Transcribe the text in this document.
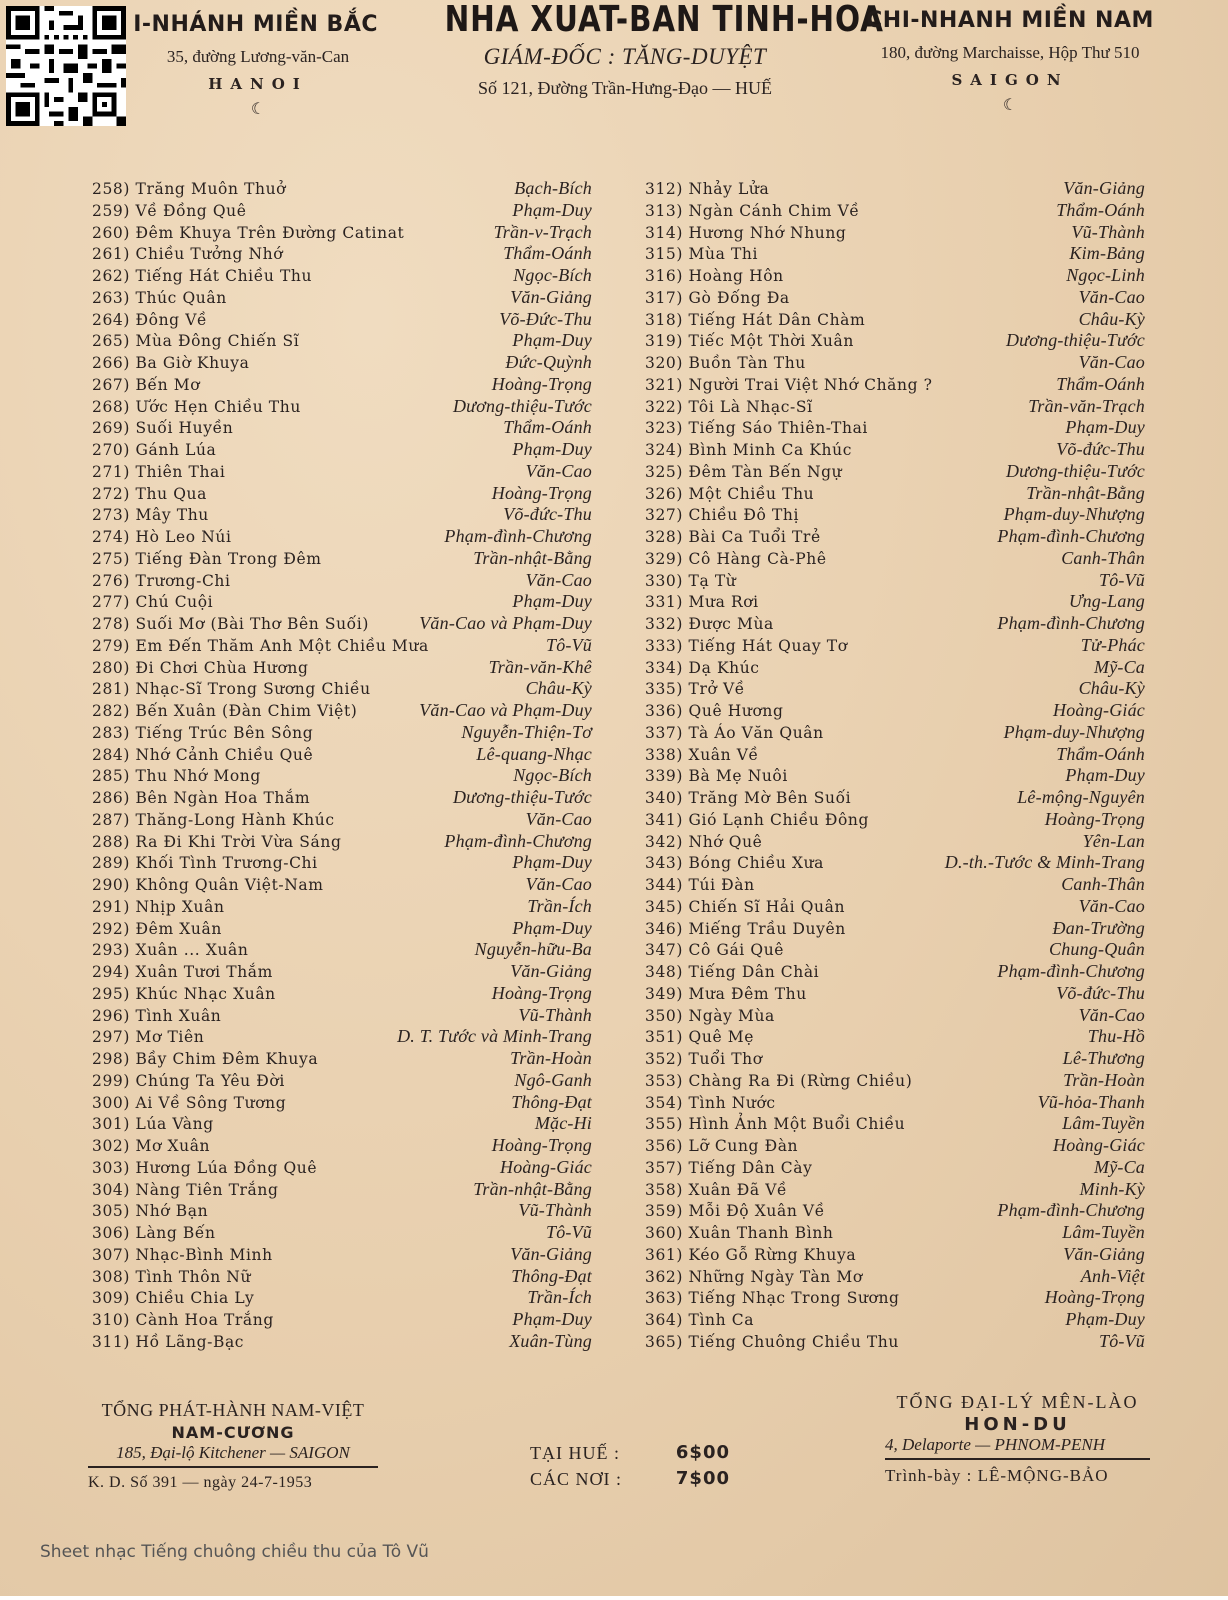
I-NHÁNH MIỀN BẮC
35, đường Lương-văn-Can
HANOI
☾
NHA XUAT-BAN TINH-HOA
GIÁM-ĐỐC : TĂNG-DUYỆT
Số 121, Đường Trần-Hưng-Đạo — HUẾ
CHI-NHANH MIỀN NAM
180, đường Marchaisse, Hộp Thư 510
SAIGON
☾
258) Trăng Muôn Thuở	Bạch-Bích
259) Về Đồng Quê	Phạm-Duy
260) Đêm Khuya Trên Đường Catinat	Trần-v-Trạch
261) Chiều Tưởng Nhớ	Thẩm-Oánh
262) Tiếng Hát Chiều Thu	Ngọc-Bích
263) Thúc Quân	Văn-Giảng
264) Đông Về	Võ-Đức-Thu
265) Mùa Đông Chiến Sĩ	Phạm-Duy
266) Ba Giờ Khuya	Đức-Quỳnh
267) Bến Mơ	Hoàng-Trọng
268) Ước Hẹn Chiều Thu	Dương-thiệu-Tước
269) Suối Huyền	Thẩm-Oánh
270) Gánh Lúa	Phạm-Duy
271) Thiên Thai	Văn-Cao
272) Thu Qua	Hoàng-Trọng
273) Mây Thu	Võ-đức-Thu
274) Hò Leo Núi	Phạm-đình-Chương
275) Tiếng Đàn Trong Đêm	Trần-nhật-Bằng
276) Trương-Chi	Văn-Cao
277) Chú Cuội	Phạm-Duy
278) Suối Mơ (Bài Thơ Bên Suối)	Văn-Cao và Phạm-Duy
279) Em Đến Thăm Anh Một Chiều Mưa	Tô-Vũ
280) Đi Chơi Chùa Hương	Trần-văn-Khê
281) Nhạc-Sĩ Trong Sương Chiều	Châu-Kỳ
282) Bến Xuân (Đàn Chim Việt)	Văn-Cao và Phạm-Duy
283) Tiếng Trúc Bên Sông	Nguyễn-Thiện-Tơ
284) Nhớ Cảnh Chiều Quê	Lê-quang-Nhạc
285) Thu Nhớ Mong	Ngọc-Bích
286) Bên Ngàn Hoa Thắm	Dương-thiệu-Tước
287) Thăng-Long Hành Khúc	Văn-Cao
288) Ra Đi Khi Trời Vừa Sáng	Phạm-đình-Chương
289) Khối Tình Trương-Chi	Phạm-Duy
290) Không Quân Việt-Nam	Văn-Cao
291) Nhịp Xuân	Trần-Ích
292) Đêm Xuân	Phạm-Duy
293) Xuân ... Xuân	Nguyễn-hữu-Ba
294) Xuân Tươi Thắm	Văn-Giảng
295) Khúc Nhạc Xuân	Hoàng-Trọng
296) Tình Xuân	Vũ-Thành
297) Mơ Tiên	D. T. Tước và Minh-Trang
298) Bầy Chim Đêm Khuya	Trần-Hoàn
299) Chúng Ta Yêu Đời	Ngô-Ganh
300) Ai Về Sông Tương	Thông-Đạt
301) Lúa Vàng	Mặc-Hi
302) Mơ Xuân	Hoàng-Trọng
303) Hương Lúa Đồng Quê	Hoàng-Giác
304) Nàng Tiên Trắng	Trần-nhật-Bằng
305) Nhớ Bạn	Vũ-Thành
306) Làng Bến	Tô-Vũ
307) Nhạc-Bình Minh	Văn-Giảng
308) Tình Thôn Nữ	Thông-Đạt
309) Chiều Chia Ly	Trần-Ích
310) Cành Hoa Trắng	Phạm-Duy
311) Hồ Lãng-Bạc	Xuân-Tùng
312) Nhảy Lửa	Văn-Giảng
313) Ngàn Cánh Chim Về	Thẩm-Oánh
314) Hương Nhớ Nhung	Vũ-Thành
315) Mùa Thi	Kim-Bảng
316) Hoàng Hôn	Ngọc-Linh
317) Gò Đống Đa	Văn-Cao
318) Tiếng Hát Dân Chàm	Châu-Kỳ
319) Tiếc Một Thời Xuân	Dương-thiệu-Tước
320) Buồn Tàn Thu	Văn-Cao
321) Người Trai Việt Nhớ Chăng ?	Thẩm-Oánh
322) Tôi Là Nhạc-Sĩ	Trần-văn-Trạch
323) Tiếng Sáo Thiên-Thai	Phạm-Duy
324) Bình Minh Ca Khúc	Võ-đức-Thu
325) Đêm Tàn Bến Ngự	Dương-thiệu-Tước
326) Một Chiều Thu	Trần-nhật-Bằng
327) Chiều Đô Thị	Phạm-duy-Nhượng
328) Bài Ca Tuổi Trẻ	Phạm-đình-Chương
329) Cô Hàng Cà-Phê	Canh-Thân
330) Tạ Từ	Tô-Vũ
331) Mưa Rơi	Ưng-Lang
332) Được Mùa	Phạm-đình-Chương
333) Tiếng Hát Quay Tơ	Tử-Phác
334) Dạ Khúc	Mỹ-Ca
335) Trở Về	Châu-Kỳ
336) Quê Hương	Hoàng-Giác
337) Tà Áo Văn Quân	Phạm-duy-Nhượng
338) Xuân Về	Thẩm-Oánh
339) Bà Mẹ Nuôi	Phạm-Duy
340) Trăng Mờ Bên Suối	Lê-mộng-Nguyên
341) Gió Lạnh Chiều Đông	Hoàng-Trọng
342) Nhớ Quê	Yên-Lan
343) Bóng Chiều Xưa	D.-th.-Tước & Minh-Trang
344) Túi Đàn	Canh-Thân
345) Chiến Sĩ Hải Quân	Văn-Cao
346) Miếng Trầu Duyên	Đan-Trường
347) Cô Gái Quê	Chung-Quân
348) Tiếng Dân Chài	Phạm-đình-Chương
349) Mưa Đêm Thu	Võ-đức-Thu
350) Ngày Mùa	Văn-Cao
351) Quê Mẹ	Thu-Hồ
352) Tuổi Thơ	Lê-Thương
353) Chàng Ra Đi (Rừng Chiều)	Trần-Hoàn
354) Tình Nước	Vũ-hỏa-Thanh
355) Hình Ảnh Một Buổi Chiều	Lâm-Tuyền
356) Lỡ Cung Đàn	Hoàng-Giác
357) Tiếng Dân Cày	Mỹ-Ca
358) Xuân Đã Về	Minh-Kỳ
359) Mỗi Độ Xuân Về	Phạm-đình-Chương
360) Xuân Thanh Bình	Lâm-Tuyền
361) Kéo Gỗ Rừng Khuya	Văn-Giảng
362) Những Ngày Tàn Mơ	Anh-Việt
363) Tiếng Nhạc Trong Sương	Hoàng-Trọng
364) Tình Ca	Phạm-Duy
365) Tiếng Chuông Chiều Thu	Tô-Vũ
TỔNG PHÁT-HÀNH NAM-VIỆT
NAM-CƯƠNG
185, Đại-lộ Kitchener — SAIGON
K. D. Số 391 — ngày 24-7-1953
TẠI HUẾ :	6$00
CÁC NƠI :	7$00
TỔNG ĐẠI-LÝ MÊN-LÀO
HON-DU
4, Delaporte — PHNOM-PENH
Trình-bày : LÊ-MỘNG-BẢO
Sheet nhạc Tiếng chuông chiều thu của Tô Vũ
